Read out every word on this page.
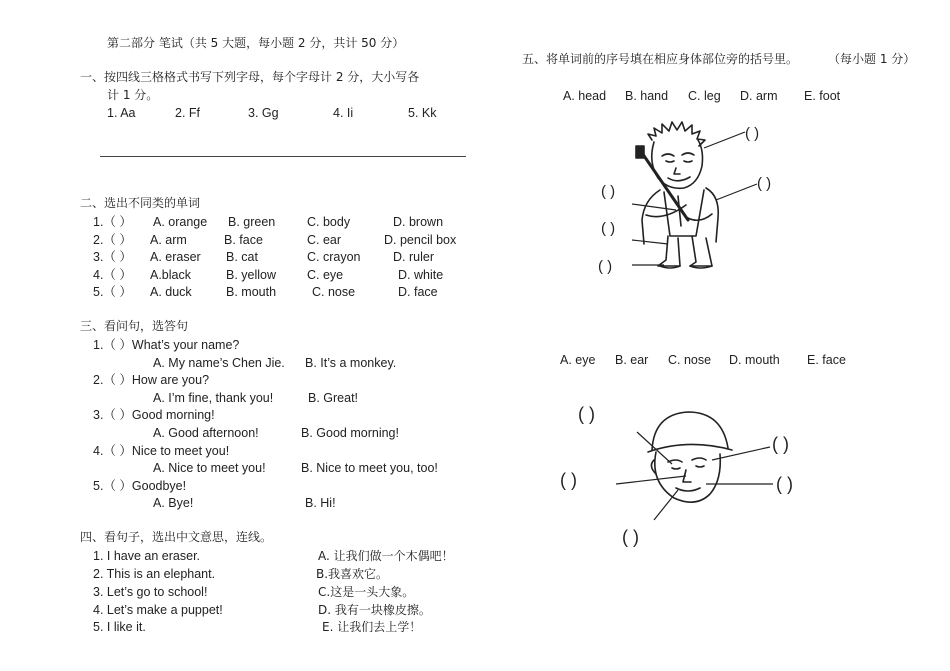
第二部分 笔试（共 5 大题，每小题 2 分，共计 50 分）
一、按四线三格格式书写下列字母，每个字母计 2 分，大小写各
计 1 分。
1. Aa	2. Ff	3. Gg	4. Ii	5. Kk
二、选出不同类的单词
1.（ ） A. orange B. green	C. body	D. brown
2.（ ） A. arm	B. face	C. ear	D. pencil box
3.（ ） A. eraser B. cat	C. crayon	D. ruler
4.（ ） A.black	B. yellow C. eye	D. white
5.（ ） A. duck	B. mouth	C. nose	D. face
三、看问句，选答句
1.（ ）What’s your name?
A. My name’s Chen Jie. B. It’s a monkey.
2.（ ）How are you?
A. I’m fine, thank you!	B. Great!
3.（ ）Good morning!
A. Good afternoon!	B. Good morning!
4.（ ）Nice to meet you!
A. Nice to meet you!	B. Nice to meet you, too!
5.（ ）Goodbye!
A. Bye!	B. Hi!
四、看句子，选出中文意思，连线。
1. I have an eraser.	A. 让我们做一个木偶吧！
2. This is an elephant.	B.我喜欢它。
3. Let’s go to school!	C.这是一头大象。
4. Let’s make a puppet!	D. 我有一块橡皮擦。
5. I like it.	E. 让我们去上学！
五、将单词前的序号填在相应身体部位旁的括号里。 （每小题 1 分）
A. head B. hand C. leg D. arm E. foot
( )
( )
( )
( )
( )
A. eye B. ear C. nose D. mouth E. face
( )
( )
( )	( )
( )
